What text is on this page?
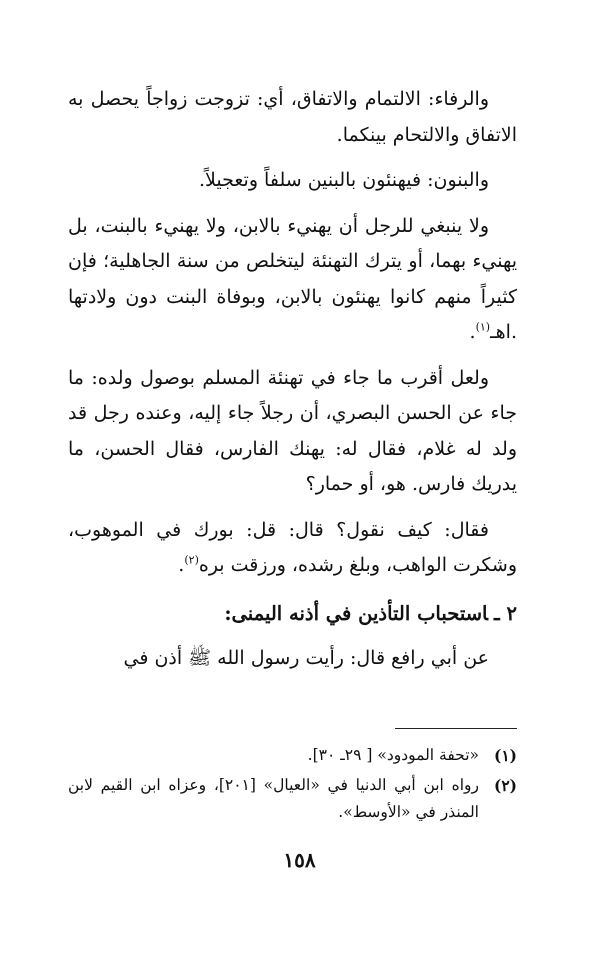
والرفاء: الالتمام والاتفاق، أي: تزوجت زواجاً يحصل به الاتفاق والالتحام بينكما.

والبنون: فيهنئون بالبنين سلفاً وتعجيلاً.

ولا ينبغي للرجل أن يهنيء بالابن، ولا يهنيء بالبنت، بل يهنيء بهما، أو يترك التهنئة ليتخلص من سنة الجاهلية؛ فإن كثيراً منهم كانوا يهنئون بالابن، وبوفاة البنت دون ولادتها .اهـ$^{(١)}$.

ولعل أقرب ما جاء في تهنئة المسلم بوصول ولده: ما جاء عن الحسن البصري، أن رجلاً جاء إليه، وعنده رجل قد ولد له غلام، فقال له: يهنك الفارس، فقال الحسن، ما يدريك فارس. هو، أو حمار؟

فقال: كيف نقول؟ قال: قل: بورك في الموهوب، وشكرت الواهب، وبلغ رشده، ورزقت بره$^{(٢)}$.

٢ ـاستحباب التأذين في أذنه اليمنى:

عن أبي رافع قال: رأيت رسول الله ﷺ أذن في

(١)
«تحفة المودود» [ ٢٩ـ ٣٠].
(٢)
رواه ابن أبي الدنيا في «العيال» [٢٠١]، وعزاه ابن القيم لابن المنذر في «الأوسط».
١٥٨
